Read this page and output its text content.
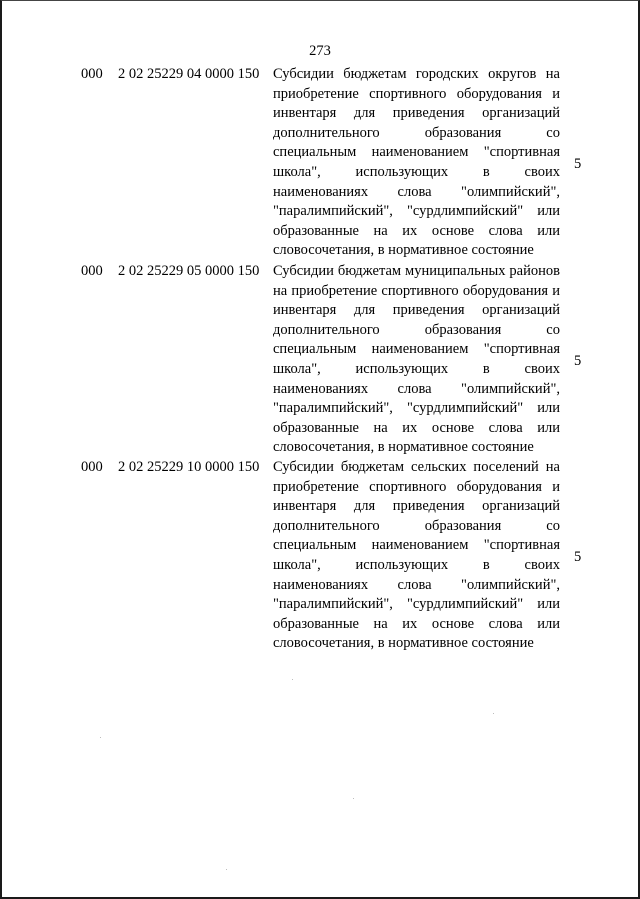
273
000 2 02 25229 04 0000 150 Субсидии бюджетам городских округов на приобретение спортивного оборудования и инвентаря для приведения организаций дополнительного образования со специальным наименованием "спортивная школа", использующих в своих наименованиях слова "олимпийский", "паралимпийский", "сурдлимпийский" или образованные на их основе слова или словосочетания, в нормативное состояние
5
000 2 02 25229 05 0000 150 Субсидии бюджетам муниципальных районов на приобретение спортивного оборудования и инвентаря для приведения организаций дополнительного образования со специальным наименованием "спортивная школа", использующих в своих наименованиях слова "олимпийский", "паралимпийский", "сурдлимпийский" или образованные на их основе слова или словосочетания, в нормативное состояние
5
000 2 02 25229 10 0000 150 Субсидии бюджетам сельских поселений на приобретение спортивного оборудования и инвентаря для приведения организаций дополнительного образования со специальным наименованием "спортивная школа", использующих в своих наименованиях слова "олимпийский", "паралимпийский", "сурдлимпийский" или образованные на их основе слова или словосочетания, в нормативное состояние
5
